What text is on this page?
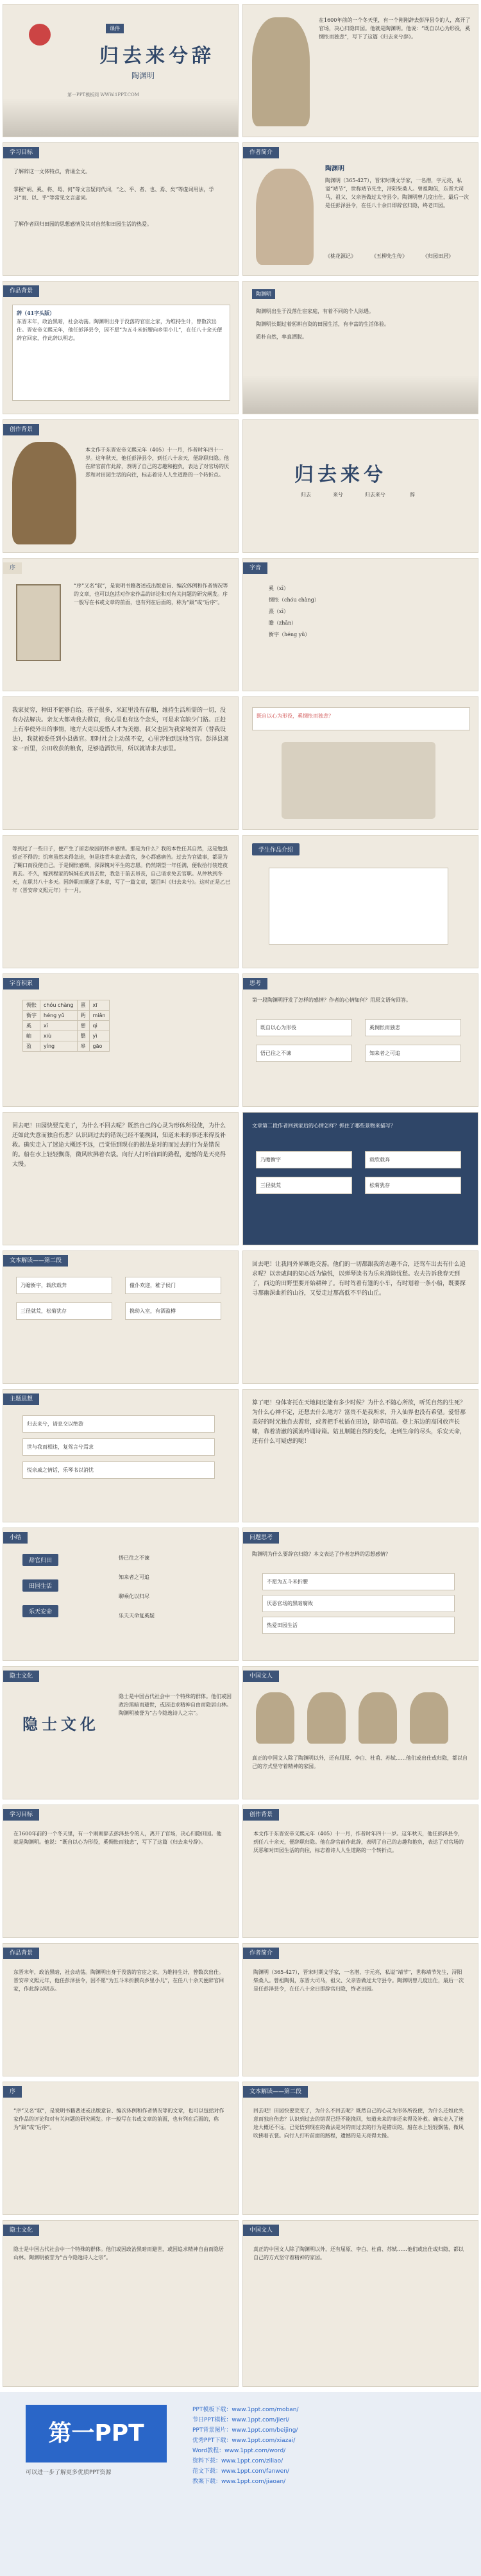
课件
归去来兮辞
陶渊明
第一PPT模板网 WWW.1PPT.COM
在1600年前的一个冬天里，有一个刚刚辞去彭泽县令的人，离开了官场，决心归隐田园。他就是陶渊明。他说：“既自以心为形役，奚惆怅而独悲”，写下了这篇《归去来兮辞》。
学习目标
了解辞这一文体特点，背诵全文。
掌握“胡、奚、将、曷、何”等文言疑问代词，“之、乎、者、也、焉、矣”等虚词用法，学习“而、以、乎”等常见文言虚词。
了解作者回归田园的思想感情及其对自然和田园生活的热爱。
作者简介
陶渊明
陶渊明（365-427），晋宋时期文学家，一名潜，字元亮，私谥“靖节”，世称靖节先生，浔阳柴桑人。曾祖陶侃，东晋大司马，祖父、父亲皆做过太守县令。陶渊明曾几度出仕，最后一次是任彭泽县令，在任八十余日即辞官归隐，终老田园。
《桃花源记》	《五柳先生传》	《归园田居》
作品背景
辞（41字头版）
东晋末年，政治黑暗，社会动荡。陶渊明出身于没落的官宦之家，为维持生计，曾数次出仕。晋安帝义熙元年，他任彭泽县令，因不愿“为五斗米折腰向乡里小儿”，在任八十余天便辞官回家，作此辞以明志。
陶渊明
陶渊明出生于没落仕宦家庭，有着不同的个人际遇。
陶渊明长期过着躬耕自资的田园生活，有丰富的生活体验。
质朴自然，率真洒脱。
创作背景
本文作于东晋安帝义熙元年（405）十一月，作者时年四十一岁。这年秋天，他任彭泽县令，到任八十余天，便辞职归隐。他在辞官前作此辞，表明了自己的志趣和抱负，表达了对官场的厌恶和对田园生活的向往，标志着诗人人生道路的一个转折点。	归去来兮
归去	来兮	归去来兮	辞
序
“序”又名“叙”，是说明书籍著述或出版意旨、编次体例和作者情况等的文章，也可以包括对作家作品的评论和对有关问题的研究阐发。序一般写在书或文章的前面，也有列在后面的，称为“跋”或“后序”。
字音
奚（xī）
惆怅（chóu chàng）
熹（xī）
瞻（zhān）
衡宇（héng yǔ）
我家贫穷，种田不能够自给。孩子很多，米缸里没有存粮，维持生活所需的一切，没有办法解决。亲友大都劝我去做官，我心里也有这个念头，可是求官缺少门路。正赶上有奉使外出的事情，地方大吏以爱惜人才为美德，叔父也因为我家境贫苦（替我设法），我就被委任到小县做官。那时社会上动荡不安，心里害怕到远地当官。彭泽县离家一百里，公田收获的粮食，足够造酒饮用，所以就请求去那里。
既自以心为形役，奚惆怅而独悲？
等到过了一些日子，便产生了留恋故园的怀乡感情。那是为什么？我的本性任其自然，这是勉强矫正不得的；饥寒虽然来得急迫，但是违背本意去做官，身心都感痛苦。过去为官做事，都是为了糊口而役使自己。于是惆怅感慨，深深愧对平生的志愿。仍然期望一年任满，便收拾行装连夜离去。不久，嫁到程家的妹妹在武昌去世，我急于前去吊丧，自己请求免去官职。从仲秋到冬天，在职共八十多天。因辞职而顺遂了本意，写了一篇文章，题目叫《归去来兮》。这时正是乙巳年（晋安帝义熙元年）十一月。
学生作品介绍
字音积累
惆怅	chóu chàng	熹	xī
衡宇	héng yǔ	眄	miǎn
奚	xī	憩	qì
岫	xiù	翳	yì
盈	yíng	皋	gāo
思考
第一段陶渊明抒发了怎样的感情？作者的心情如何？用原文语句回答。
既自以心为形役	奚惆怅而独悲
悟已往之不谏	知来者之可追
回去吧！田园快要荒芜了，为什么不回去呢？既然自己的心灵为形体所役使，为什么还如此失意而独自伤悲？认识到过去的错误已经不能挽回，知道未来的事还来得及补救。确实走入了迷途大概还不远，已觉悟到现在的做法是对的而过去的行为是错误的。船在水上轻轻飘荡，微风吹拂着衣裳。向行人打听前面的路程，遗憾的是天亮得太慢。
文章第二段作者回到家后的心情怎样？抓住了哪些景物来描写？
乃瞻衡宇	载欣载奔
三径就荒	松菊犹存
文本解读——第二段
乃瞻衡宇，载欣载奔	僮仆欢迎，稚子候门
三径就荒，松菊犹存	携幼入室，有酒盈樽
回去吧！让我同外界断绝交游。他们的一切都跟我的志趣不合，还驾车出去有什么追求呢？以亲戚间的知心话为愉悦，以弹琴读书为乐来消除忧愁。农夫告诉我春天到了，西边的田野里要开始耕种了。有时驾着有篷的小车，有时划着一条小船，既要探寻那幽深曲折的山谷，又要走过那高低不平的山丘。
主题思想
归去来兮，请息交以绝游
世与我而相违，复驾言兮焉求
悦亲戚之情话，乐琴书以消忧
算了吧！身体寄托在天地间还能有多少时候？为什么不随心所欲，听凭自然的生死？为什么心神不定，还想去什么地方？富贵不是我所求，升入仙界也没有希望。爱惜那美好的时光独自去游赏，或者把手杖插在田边，除草培苗。登上东边的高冈放声长啸，靠着清澈的溪流吟诵诗篇。姑且顺随自然的变化，走到生命的尽头，乐安天命，还有什么可疑虑的呢！
小结
辞官归田
田园生活
乐天安命
悟已往之不谏
知来者之可追
聊乘化以归尽
乐夫天命复奚疑
问题思考
陶渊明为什么要辞官归隐？本文表达了作者怎样的思想感情？
不愿为五斗米折腰
厌恶官场的黑暗腐败
热爱田园生活
隐士文化
隐士文化
隐士是中国古代社会中一个特殊的群体。他们或因政治黑暗而避世，或因追求精神自由而隐居山林。陶渊明被誉为“古今隐逸诗人之宗”。
中国文人
真正的中国文人除了陶渊明以外，还有屈原、李白、杜甫、苏轼……他们或出仕或归隐，都以自己的方式坚守着精神的家园。
学习目标
在1600年前的一个冬天里，有一个刚刚辞去彭泽县令的人，离开了官场，决心归隐田园。他就是陶渊明。他说：“既自以心为形役，奚惆怅而独悲”，写下了这篇《归去来兮辞》。
创作背景
本文作于东晋安帝义熙元年（405）十一月，作者时年四十一岁。这年秋天，他任彭泽县令，到任八十余天，便辞职归隐。他在辞官前作此辞，表明了自己的志趣和抱负，表达了对官场的厌恶和对田园生活的向往，标志着诗人人生道路的一个转折点。
作品背景
东晋末年，政治黑暗，社会动荡。陶渊明出身于没落的官宦之家，为维持生计，曾数次出仕。晋安帝义熙元年，他任彭泽县令，因不愿“为五斗米折腰向乡里小儿”，在任八十余天便辞官回家，作此辞以明志。
作者简介
陶渊明（365-427），晋宋时期文学家，一名潜，字元亮，私谥“靖节”，世称靖节先生，浔阳柴桑人。曾祖陶侃，东晋大司马，祖父、父亲皆做过太守县令。陶渊明曾几度出仕，最后一次是任彭泽县令，在任八十余日即辞官归隐，终老田园。
序
“序”又名“叙”，是说明书籍著述或出版意旨、编次体例和作者情况等的文章，也可以包括对作家作品的评论和对有关问题的研究阐发。序一般写在书或文章的前面，也有列在后面的，称为“跋”或“后序”。
文本解读——第二段
回去吧！田园快要荒芜了，为什么不回去呢？既然自己的心灵为形体所役使，为什么还如此失意而独自伤悲？认识到过去的错误已经不能挽回，知道未来的事还来得及补救。确实走入了迷途大概还不远，已觉悟到现在的做法是对的而过去的行为是错误的。船在水上轻轻飘荡，微风吹拂着衣裳。向行人打听前面的路程，遗憾的是天亮得太慢。
隐士文化
隐士是中国古代社会中一个特殊的群体。他们或因政治黑暗而避世，或因追求精神自由而隐居山林。陶渊明被誉为“古今隐逸诗人之宗”。
中国文人
真正的中国文人除了陶渊明以外，还有屈原、李白、杜甫、苏轼……他们或出仕或归隐，都以自己的方式坚守着精神的家园。
第一PPT
可以进一步了解更多优质PPT资源
PPT模板下载：www.1ppt.com/moban/
节日PPT模板：www.1ppt.com/jieri/
PPT背景图片：www.1ppt.com/beijing/
优秀PPT下载：www.1ppt.com/xiazai/
Word教程：www.1ppt.com/word/
资料下载：www.1ppt.com/ziliao/
范文下载：www.1ppt.com/fanwen/
教案下载：www.1ppt.com/jiaoan/
